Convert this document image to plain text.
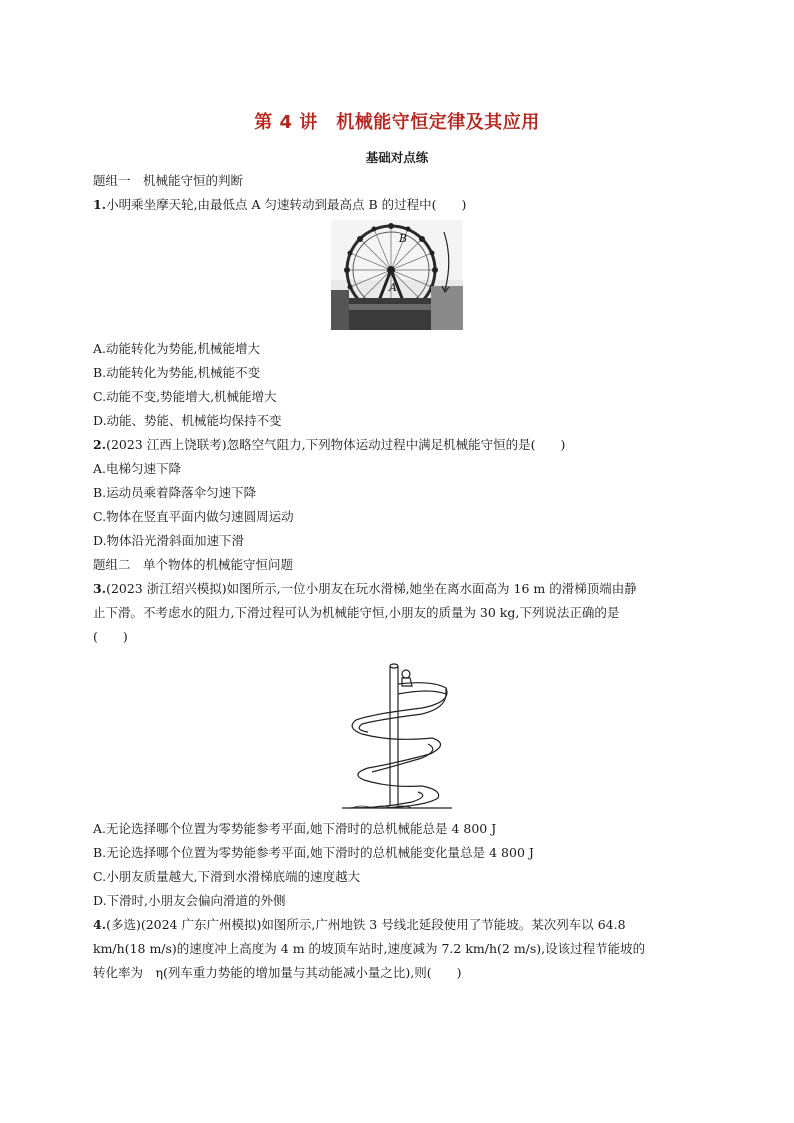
第 4 讲　机械能守恒定律及其应用
基础对点练
题组一　机械能守恒的判断
1.小明乘坐摩天轮,由最低点 A 匀速转动到最高点 B 的过程中(　　)
B
A
A.动能转化为势能,机械能增大
B.动能转化为势能,机械能不变
C.动能不变,势能增大,机械能增大
D.动能、势能、机械能均保持不变
2.(2023 江西上饶联考)忽略空气阻力,下列物体运动过程中满足机械能守恒的是(　　)
A.电梯匀速下降
B.运动员乘着降落伞匀速下降
C.物体在竖直平面内做匀速圆周运动
D.物体沿光滑斜面加速下滑
题组二　单个物体的机械能守恒问题
3.(2023 浙江绍兴模拟)如图所示,一位小朋友在玩水滑梯,她坐在离水面高为 16 m 的滑梯顶端由静
止下滑。不考虑水的阻力,下滑过程可认为机械能守恒,小朋友的质量为 30 kg,下列说法正确的是
(　　)
A.无论选择哪个位置为零势能参考平面,她下滑时的总机械能总是 4 800 J
B.无论选择哪个位置为零势能参考平面,她下滑时的总机械能变化量总是 4 800 J
C.小朋友质量越大,下滑到水滑梯底端的速度越大
D.下滑时,小朋友会偏向滑道的外侧
4.(多选)(2024 广东广州模拟)如图所示,广州地铁 3 号线北延段使用了节能坡。某次列车以 64.8
km/h(18 m/s)的速度冲上高度为 4 m 的坡顶车站时,速度减为 7.2 km/h(2 m/s),设该过程节能坡的
转化率为　η(列车重力势能的增加量与其动能减小量之比),则(　　)
